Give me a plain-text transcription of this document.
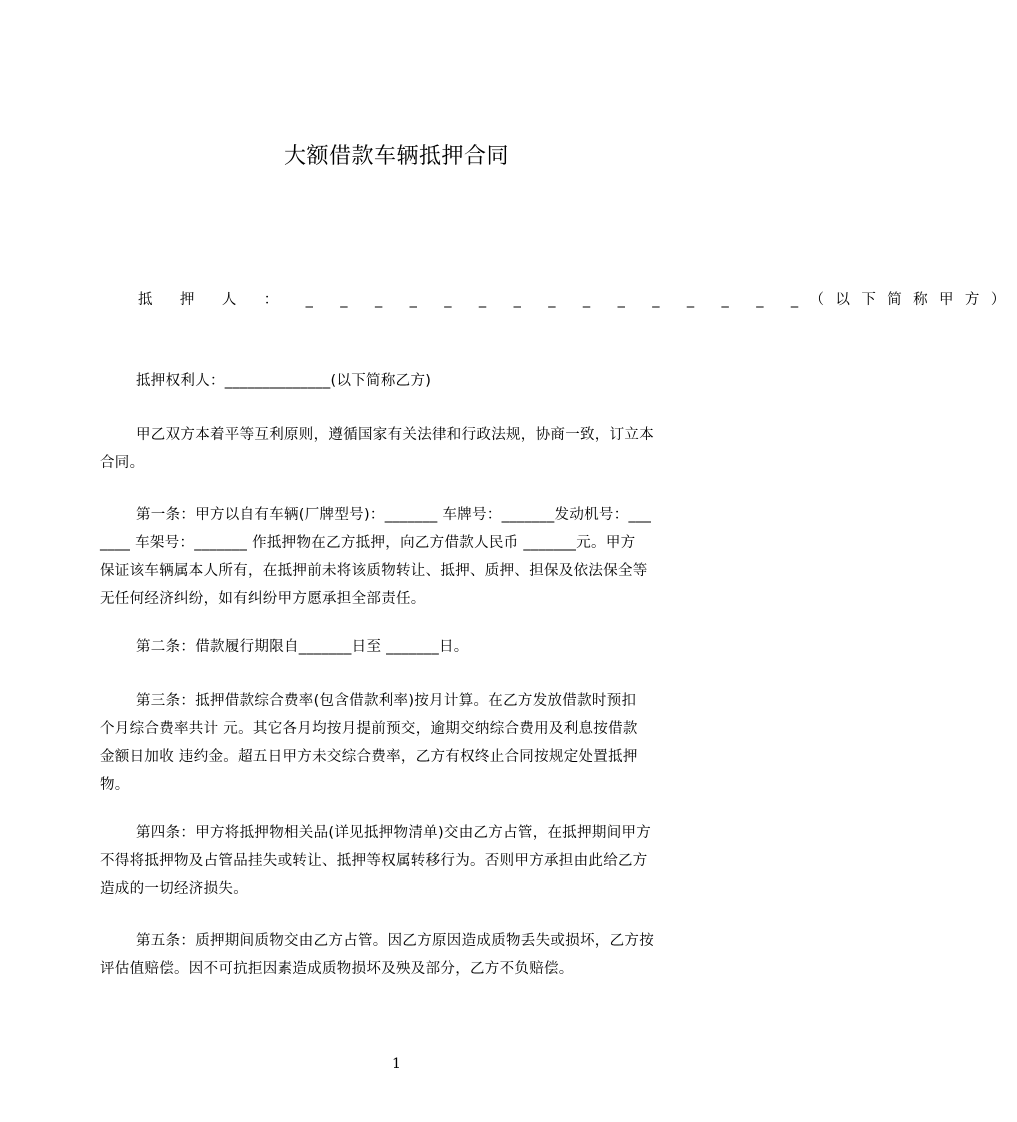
大额借款车辆抵押合同
抵 押 人 ： _ _ _ _ _ _ _ _ _ _ _ _ _ _ _（以下简称甲方）
抵押权利人：______________(以下简称乙方)
甲乙双方本着平等互利原则，遵循国家有关法律和行政法规，协商一致，订立本
合同。
第一条：甲方以自有车辆(厂牌型号)：_______ 车牌号：_______发动机号：___
____ 车架号：_______ 作抵押物在乙方抵押，向乙方借款人民币 _______元。甲方
保证该车辆属本人所有，在抵押前未将该质物转让、抵押、质押、担保及依法保全等
无任何经济纠纷，如有纠纷甲方愿承担全部责任。
第二条：借款履行期限自_______日至 _______日。
第三条：抵押借款综合费率(包含借款利率)按月计算。在乙方发放借款时预扣
个月综合费率共计 元。其它各月均按月提前预交，逾期交纳综合费用及利息按借款
金额日加收 违约金。超五日甲方未交综合费率，乙方有权终止合同按规定处置抵押
物。
第四条：甲方将抵押物相关品(详见抵押物清单)交由乙方占管，在抵押期间甲方
不得将抵押物及占管品挂失或转让、抵押等权属转移行为。否则甲方承担由此给乙方
造成的一切经济损失。
第五条：质押期间质物交由乙方占管。因乙方原因造成质物丢失或损坏，乙方按
评估值赔偿。因不可抗拒因素造成质物损坏及殃及部分，乙方不负赔偿。
1
